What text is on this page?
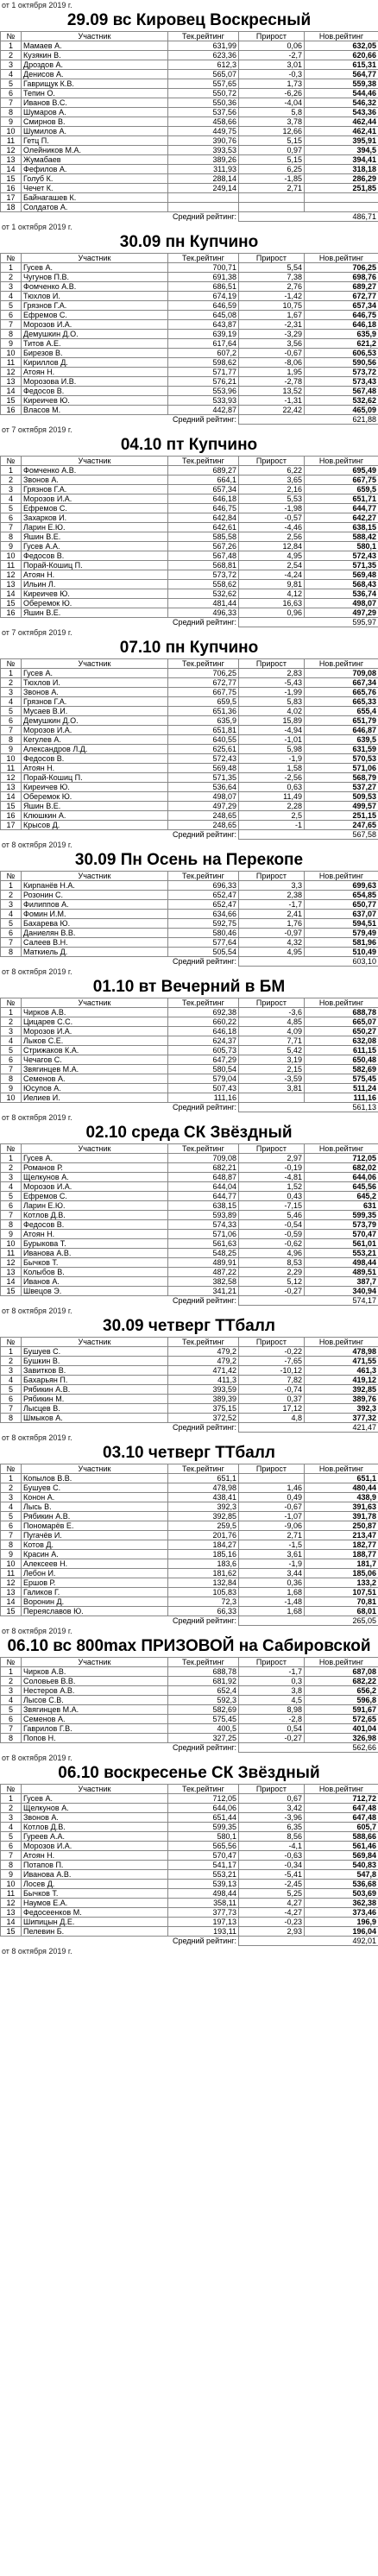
от 1 октября 2019 г.
29.09 вс Кировец Воскресный
№	Участник	Тек.рейтинг	Прирост	Нов.рейтинг
1	Мамаев А.	631,99	0,06	632,05
2	Кузякин В.	623,36	-2,7	620,66
3	Дроздов А.	612,3	3,01	615,31
4	Денисов А.	565,07	-0,3	564,77
5	Гаврищук К.В.	557,65	1,73	559,38
6	Тепин О.	550,72	-6,26	544,46
7	Иванов В.С.	550,36	-4,04	546,32
8	Шумаров А.	537,56	5,8	543,36
9	Смирнов В.	458,66	3,78	462,44
10	Шумилов А.	449,75	12,66	462,41
11	Гетц П.	390,76	5,15	395,91
12	Олейников М.А.	393,53	0,97	394,5
13	Жумабаев	389,26	5,15	394,41
14	Фефилов А.	311,93	6,25	318,18
15	Голуб К.	288,14	-1,85	286,29
16	Чечет К.	249,14	2,71	251,85
17	Байнагашев К.			
18	Солдатов А.			
Средний рейтинг:			486,71	
от 1 октября 2019 г.
30.09 пн Купчино
№	Участник	Тек.рейтинг	Прирост	Нов.рейтинг
1	Гусев А.	700,71	5,54	706,25
2	Чугунов П.В.	691,38	7,38	698,76
3	Фомченко А.В.	686,51	2,76	689,27
4	Тюхлов И.	674,19	-1,42	672,77
5	Грязнов Г.А.	646,59	10,75	657,34
6	Ефремов С.	645,08	1,67	646,75
7	Морозов И.А.	643,87	-2,31	646,18
8	Демушкин Д.О.	639,19	-3,29	635,9
9	Титов А.Е.	617,64	3,56	621,2
10	Бирезов В.	607,2	-0,67	606,53
11	Кириллов Д.	598,62	-8,06	590,56
12	Атоян Н.	571,77	1,95	573,72
13	Морозова И.В.	576,21	-2,78	573,43
14	Федосов В.	553,96	13,52	567,48
15	Киреичев Ю.	533,93	-1,31	532,62
16	Власов М.	442,87	22,42	465,09
Средний рейтинг:			621,88	
от 7 октября 2019 г.
04.10 пт Купчино
№	Участник	Тек.рейтинг	Прирост	Нов.рейтинг
1	Фомченко А.В.	689,27	6,22	695,49
2	Звонов А.	664,1	3,65	667,75
3	Грязнов Г.А.	657,34	2,16	659,5
4	Морозов И.А.	646,18	5,53	651,71
5	Ефремов С.	646,75	-1,98	644,77
6	Захарков И.	642,84	-0,57	642,27
7	Ларин Е.Ю.	642,61	-4,46	638,15
8	Яшин В.Е.	585,58	2,56	588,42
9	Гусев А.А.	567,26	12,84	580,1
10	Федосов В.	567,48	4,95	572,43
11	Порай-Кошиц П.	568,81	2,54	571,35
12	Атоян Н.	573,72	-4,24	569,48
13	Ильин Л.	558,62	9,81	568,43
14	Киреичев Ю.	532,62	4,12	536,74
15	Оберемок Ю.	481,44	16,63	498,07
16	Яшин В.Е.	496,33	0,96	497,29
Средний рейтинг:			595,97	
от 7 октября 2019 г.
07.10 пн Купчино
№	Участник	Тек.рейтинг	Прирост	Нов.рейтинг
1	Гусев А.	706,25	2,83	709,08
2	Тюхлов И.	672,77	-5,43	667,34
3	Звонов А.	667,75	-1,99	665,76
4	Грязнов Г.А.	659,5	5,83	665,33
5	Мусаев В.И.	651,36	4,02	655,4
6	Демушкин Д.О.	635,9	15,89	651,79
7	Морозов И.А.	651,81	-4,94	646,87
8	Кегулев А.	640,55	-1,01	639,5
9	Александров Л.Д.	625,61	5,98	631,59
10	Федосов В.	572,43	-1,9	570,53
11	Атоян Н.	569,48	1,58	571,06
12	Порай-Кошиц П.	571,35	-2,56	568,79
13	Киреичев Ю.	536,64	0,63	537,27
14	Оберемок Ю.	498,07	11,49	509,53
15	Яшин В.Е.	497,29	2,28	499,57
16	Клюшкин А.	248,65	2,5	251,15
17	Крысов Д.	248,65	-1	247,65
Средний рейтинг:			567,58	
от 8 октября 2019 г.
30.09 Пн Осень на Перекопе
№	Участник	Тек.рейтинг	Прирост	Нов.рейтинг
1	Кирпанёв Н.А.	696,33	3,3	699,63
2	Розонин С.	652,47	2,38	654,85
3	Филиппов А.	652,47	-1,7	650,77
4	Фомин И.М.	634,66	2,41	637,07
5	Бахарева Ю.	592,75	1,76	594,51
6	Даниелян В.В.	580,46	-0,97	579,49
7	Салеев В.Н.	577,64	4,32	581,96
8	Маткиель Д.	505,54	4,95	510,49
Средний рейтинг:			603,10	
от 8 октября 2019 г.
01.10 вт Вечерний в БМ
№	Участник	Тек.рейтинг	Прирост	Нов.рейтинг
1	Чирков А.В.	692,38	-3,6	688,78
2	Цицарев С.С.	660,22	4,85	665,07
3	Морозов И.А.	646,18	4,09	650,27
4	Лыков С.Е.	624,37	7,71	632,08
5	Стрижаков К.А.	605,73	5,42	611,15
6	Чечагов С.	647,29	3,19	650,48
7	Звягинцев М.А.	580,54	2,15	582,69
8	Семенов А.	579,04	-3,59	575,45
9	Юсупов А.	507,43	3,81	511,24
10	Иелиев И.	111,16		111,16
Средний рейтинг:			561,13	
от 8 октября 2019 г.
02.10 среда СК Звёздный
№	Участник	Тек.рейтинг	Прирост	Нов.рейтинг
1	Гусев А.	709,08	2,97	712,05
2	Романов Р.	682,21	-0,19	682,02
3	Щелкунов А.	648,87	-4,81	644,06
4	Морозов И.А.	644,04	1,52	645,56
5	Ефремов С.	644,77	0,43	645,2
6	Ларин Е.Ю.	638,15	-7,15	631
7	Котлов Д.В.	593,89	5,46	599,35
8	Федосов В.	574,33	-0,54	573,79
9	Атоян Н.	571,06	-0,59	570,47
10	Бурыкова Т.	561,63	-0,62	561,01
11	Иванова А.В.	548,25	4,96	553,21
12	Бычков Т.	489,91	8,53	498,44
13	Колыбов В.	487,22	2,29	489,51
14	Иванов А.	382,58	5,12	387,7
15	Швецов Э.	341,21	-0,27	340,94
Средний рейтинг:			574,17	
от 8 октября 2019 г.
30.09 четверг ТТбалл
№	Участник	Тек.рейтинг	Прирост	Нов.рейтинг
1	Бушуев С.	479,2	-0,22	478,98
2	Бушкин В.	479,2	-7,65	471,55
3	Завитков В.	471,42	-10,12	461,3
4	Бахарьян П.	411,3	7,82	419,12
5	Рябикин А.В.	393,59	-0,74	392,85
6	Рябикин М.	389,39	0,37	389,76
7	Лысцев В.	375,15	17,12	392,3
8	Шмыков А.	372,52	4,8	377,32
Средний рейтинг:			421,47	
от 8 октября 2019 г.
03.10 четверг ТТбалл
№	Участник	Тек.рейтинг	Прирост	Нов.рейтинг
1	Копылов В.В.	651,1		651,1
2	Бушуев С.	478,98	1,46	480,44
3	Конон А.	438,41	0,49	438,9
4	Лысь В.	392,3	-0,67	391,63
5	Рябикин А.В.	392,85	-1,07	391,78
6	Пономарёв Е.	259,5	-9,06	250,87
7	Пугачёв И.	201,76	2,71	213,47
8	Котов Д.	184,27	-1,5	182,77
9	Красин А.	185,16	3,61	188,77
10	Алексеев Н.	183,6	-1,9	181,7
11	Лебон И.	181,62	3,44	185,06
12	Ершов Р.	132,84	0,36	133,2
13	Галиков Г.	105,83	1,68	107,51
14	Воронин Д.	72,3	-1,48	70,81
15	Переяславов Ю.	66,33	1,68	68,01
Средний рейтинг:			265,05	
от 8 октября 2019 г.
06.10 вс 800max ПРИЗОВОЙ на Сабировской
№	Участник	Тек.рейтинг	Прирост	Нов.рейтинг
1	Чирков А.В.	688,78	-1,7	687,08
2	Соловьев В.В.	681,92	0,3	682,22
3	Нестеров А.В.	652,4	3,8	656,2
4	Лысов С.В.	592,3	4,5	596,8
5	Звягинцев М.А.	582,69	8,98	591,67
6	Семенов А.	575,45	-2,8	572,65
7	Гаврилов Г.В.	400,5	0,54	401,04
8	Попов Н.	327,25	-0,27	326,98
Средний рейтинг:			562,66	
от 8 октября 2019 г.
06.10 воскресенье СК Звёздный
№	Участник	Тек.рейтинг	Прирост	Нов.рейтинг
1	Гусев А.	712,05	0,67	712,72
2	Щелкунов А.	644,06	3,42	647,48
3	Звонов А.	651,44	-3,96	647,48
4	Котлов Д.В.	599,35	6,35	605,7
5	Гуреев А.А.	580,1	8,56	588,66
6	Морозов И.А.	565,56	-4,1	561,46
7	Атоян Н.	570,47	-0,63	569,84
8	Потапов П.	541,17	-0,34	540,83
9	Иванова А.В.	553,21	-5,41	547,8
10	Лосев Д.	539,13	-2,45	536,68
11	Бычков Т.	498,44	5,25	503,69
12	Наумов Е.А.	358,11	4,27	362,38
13	Федосеенков М.	377,73	-4,27	373,46
14	Шипицын Д.Е.	197,13	-0,23	196,9
15	Пелевин Б.	193,11	2,93	196,04
Средний рейтинг:			492,01	
от 8 октября 2019 г.
